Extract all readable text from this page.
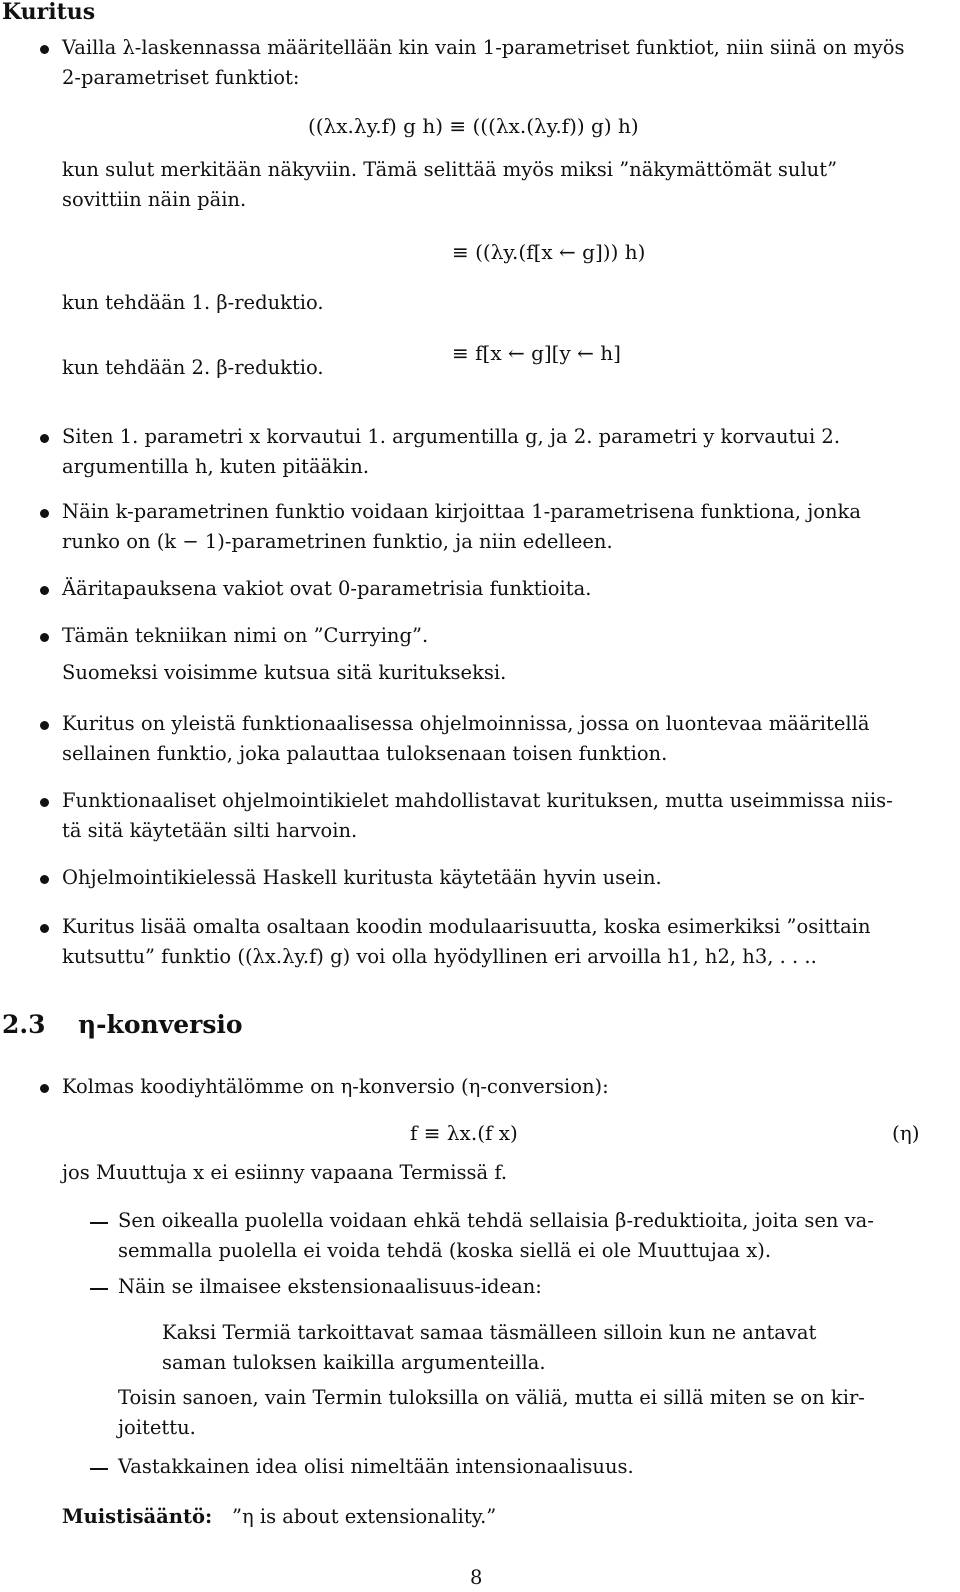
Kuritus
Vailla λ-laskennassa määritellään kin vain 1-parametriset funktiot, niin siinä on myös
2-parametriset funktiot:
((λx.λy.f) g h) ≡ (((λx.(λy.f)) g) h)
kun sulut merkitään näkyviin. Tämä selittää myös miksi ”näkymättömät sulut”
sovittiin näin päin.
≡ ((λy.(f[x ← g])) h)
kun tehdään 1. β-reduktio.
≡ f[x ← g][y ← h]
kun tehdään 2. β-reduktio.
Siten 1. parametri x korvautui 1. argumentilla g, ja 2. parametri y korvautui 2.
argumentilla h, kuten pitääkin.
Näin k-parametrinen funktio voidaan kirjoittaa 1-parametrisena funktiona, jonka
runko on (k − 1)-parametrinen funktio, ja niin edelleen.
Ääritapauksena vakiot ovat 0-parametrisia funktioita.
Tämän tekniikan nimi on ”Currying”.
Suomeksi voisimme kutsua sitä kuritukseksi.
Kuritus on yleistä funktionaalisessa ohjelmoinnissa, jossa on luontevaa määritellä
sellainen funktio, joka palauttaa tuloksenaan toisen funktion.
Funktionaaliset ohjelmointikielet mahdollistavat kurituksen, mutta useimmissa niis-
tä sitä käytetään silti harvoin.
Ohjelmointikielessä Haskell kuritusta käytetään hyvin usein.
Kuritus lisää omalta osaltaan koodin modulaarisuutta, koska esimerkiksi ”osittain
kutsuttu” funktio ((λx.λy.f) g) voi olla hyödyllinen eri arvoilla h1, h2, h3, . . ..
2.3 η-konversio
Kolmas koodiyhtälömme on η-konversio (η-conversion):
f ≡ λx.(f x)	(η)
jos Muuttuja x ei esiinny vapaana Termissä f.
Sen oikealla puolella voidaan ehkä tehdä sellaisia β-reduktioita, joita sen va-
semmalla puolella ei voida tehdä (koska siellä ei ole Muuttujaa x).
Näin se ilmaisee ekstensionaalisuus-idean:
Kaksi Termiä tarkoittavat samaa täsmälleen silloin kun ne antavat
saman tuloksen kaikilla argumenteilla.
Toisin sanoen, vain Termin tuloksilla on väliä, mutta ei sillä miten se on kir-
joitettu.
Vastakkainen idea olisi nimeltään intensionaalisuus.
Muistisääntö: ”η is about extensionality.”
8
